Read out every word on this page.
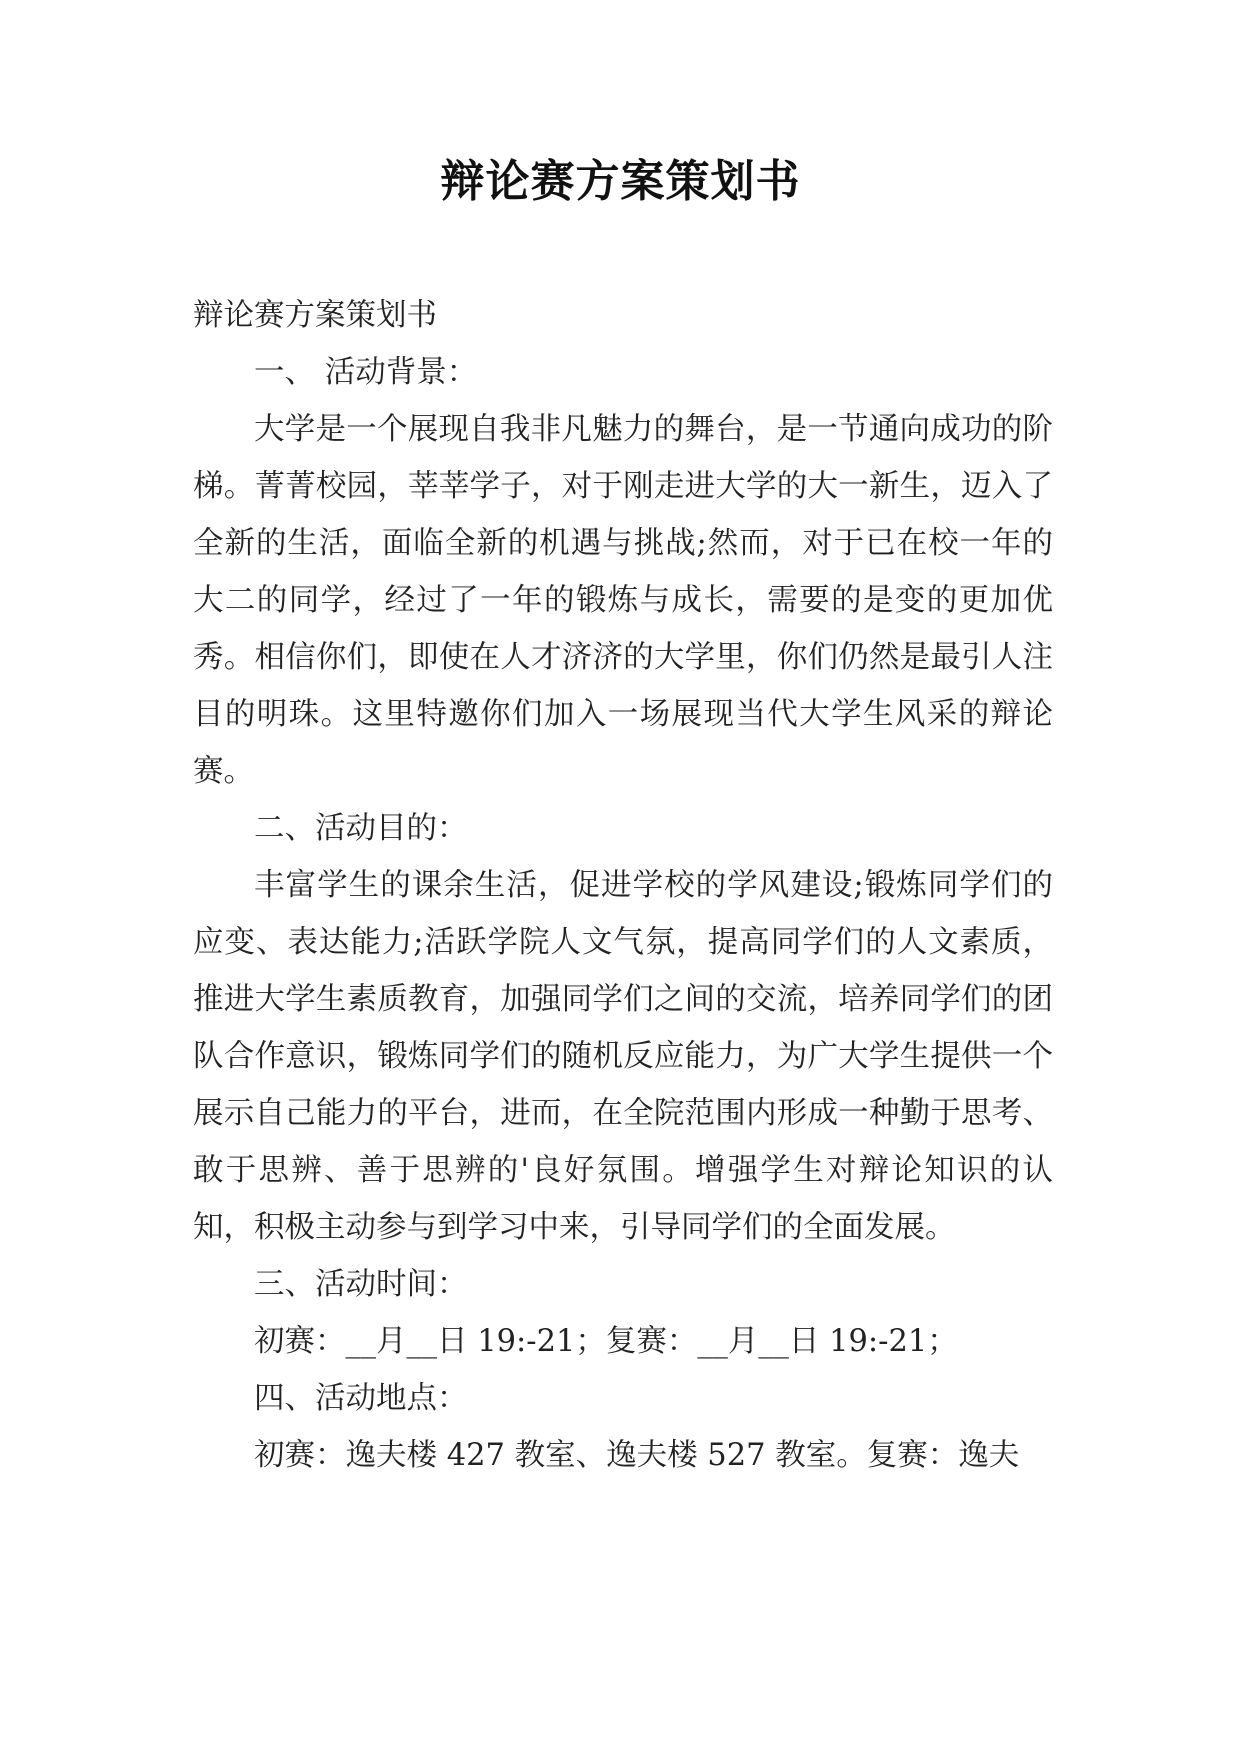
辩论赛方案策划书

辩论赛方案策划书

一、 活动背景：

大学是一个展现自我非凡魅力的舞台，是一节通向成功的阶梯。菁菁校园，莘莘学子，对于刚走进大学的大一新生，迈入了全新的生活，面临全新的机遇与挑战;然而，对于已在校一年的大二的同学，经过了一年的锻炼与成长，需要的是变的更加优秀。相信你们，即使在人才济济的大学里，你们仍然是最引人注目的明珠。这里特邀你们加入一场展现当代大学生风采的辩论赛。

二、活动目的：

丰富学生的课余生活，促进学校的学风建设;锻炼同学们的应变、表达能力;活跃学院人文气氛，提高同学们的人文素质，推进大学生素质教育，加强同学们之间的交流，培养同学们的团队合作意识，锻炼同学们的随机反应能力，为广大学生提供一个展示自己能力的平台，进而，在全院范围内形成一种勤于思考、敢于思辨、善于思辨的'良好氛围。增强学生对辩论知识的认知，积极主动参与到学习中来，引导同学们的全面发展。

三、活动时间：

初赛：__月__日 19:-21；复赛：__月__日 19:-21；

四、活动地点：

初赛：逸夫楼 427 教室、逸夫楼 527 教室。复赛：逸夫
